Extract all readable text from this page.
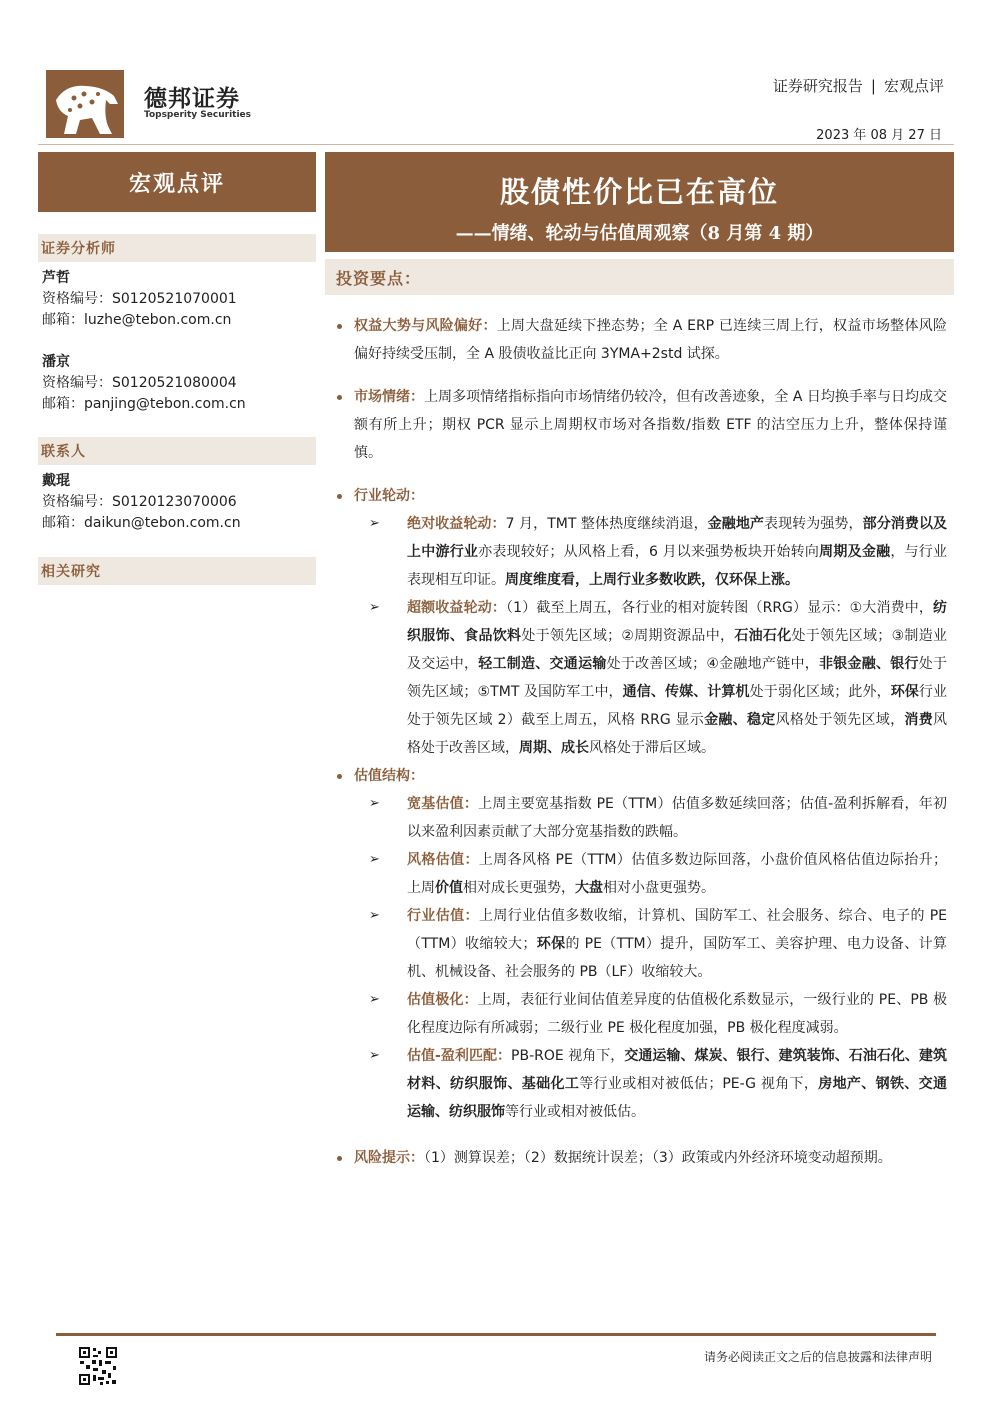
德邦证券
Topsperity Securities
证券研究报告 | 宏观点评
2023 年 08 月 27 日
宏观点评	股债性价比已在高位
——情绪、轮动与估值周观察（8 月第 4 期）
证券分析师
芦哲
资格编号：S0120521070001
邮箱：luzhe@tebon.com.cn
潘京
资格编号：S0120521080004
邮箱：panjing@tebon.com.cn
联系人
戴琨
资格编号：S0120123070006
邮箱：daikun@tebon.com.cn
相关研究
投资要点：
权益大势与风险偏好：上周大盘延续下挫态势；全 A ERP 已连续三周上行，权益市场整体风险偏好持续受压制，全 A 股债收益比正向 3YMA+2std 试探。
市场情绪：上周多项情绪指标指向市场情绪仍较冷，但有改善迹象，全 A 日均换手率与日均成交额有所上升；期权 PCR 显示上周期权市场对各指数/指数 ETF 的沽空压力上升，整体保持谨慎。
行业轮动：
➢ 绝对收益轮动：7 月，TMT 整体热度继续消退，金融地产表现转为强势，部分消费以及上中游行业亦表现较好；从风格上看，6 月以来强势板块开始转向周期及金融，与行业表现相互印证。周度维度看，上周行业多数收跌，仅环保上涨。
➢ 超额收益轮动：（1）截至上周五，各行业的相对旋转图（RRG）显示：①大消费中，纺织服饰、食品饮料处于领先区域；②周期资源品中，石油石化处于领先区域；③制造业及交运中，轻工制造、交通运输处于改善区域；④金融地产链中，非银金融、银行处于领先区域；⑤TMT 及国防军工中，通信、传媒、计算机处于弱化区域；此外，环保行业处于领先区域 2）截至上周五，风格 RRG 显示金融、稳定风格处于领先区域，消费风格处于改善区域，周期、成长风格处于滞后区域。
估值结构：
➢ 宽基估值：上周主要宽基指数 PE（TTM）估值多数延续回落；估值-盈利拆解看，年初以来盈利因素贡献了大部分宽基指数的跌幅。
➢ 风格估值：上周各风格 PE（TTM）估值多数边际回落，小盘价值风格估值边际抬升；上周价值相对成长更强势，大盘相对小盘更强势。
➢ 行业估值：上周行业估值多数收缩，计算机、国防军工、社会服务、综合、电子的 PE（TTM）收缩较大；环保的 PE（TTM）提升，国防军工、美容护理、电力设备、计算机、机械设备、社会服务的 PB（LF）收缩较大。
➢ 估值极化：上周，表征行业间估值差异度的估值极化系数显示，一级行业的 PE、PB 极化程度边际有所减弱；二级行业 PE 极化程度加强，PB 极化程度减弱。
➢ 估值-盈利匹配：PB-ROE 视角下，交通运输、煤炭、银行、建筑装饰、石油石化、建筑材料、纺织服饰、基础化工等行业或相对被低估；PE-G 视角下，房地产、钢铁、交通运输、纺织服饰等行业或相对被低估。
风险提示：（1）测算误差；（2）数据统计误差；（3）政策或内外经济环境变动超预期。
请务必阅读正文之后的信息披露和法律声明
